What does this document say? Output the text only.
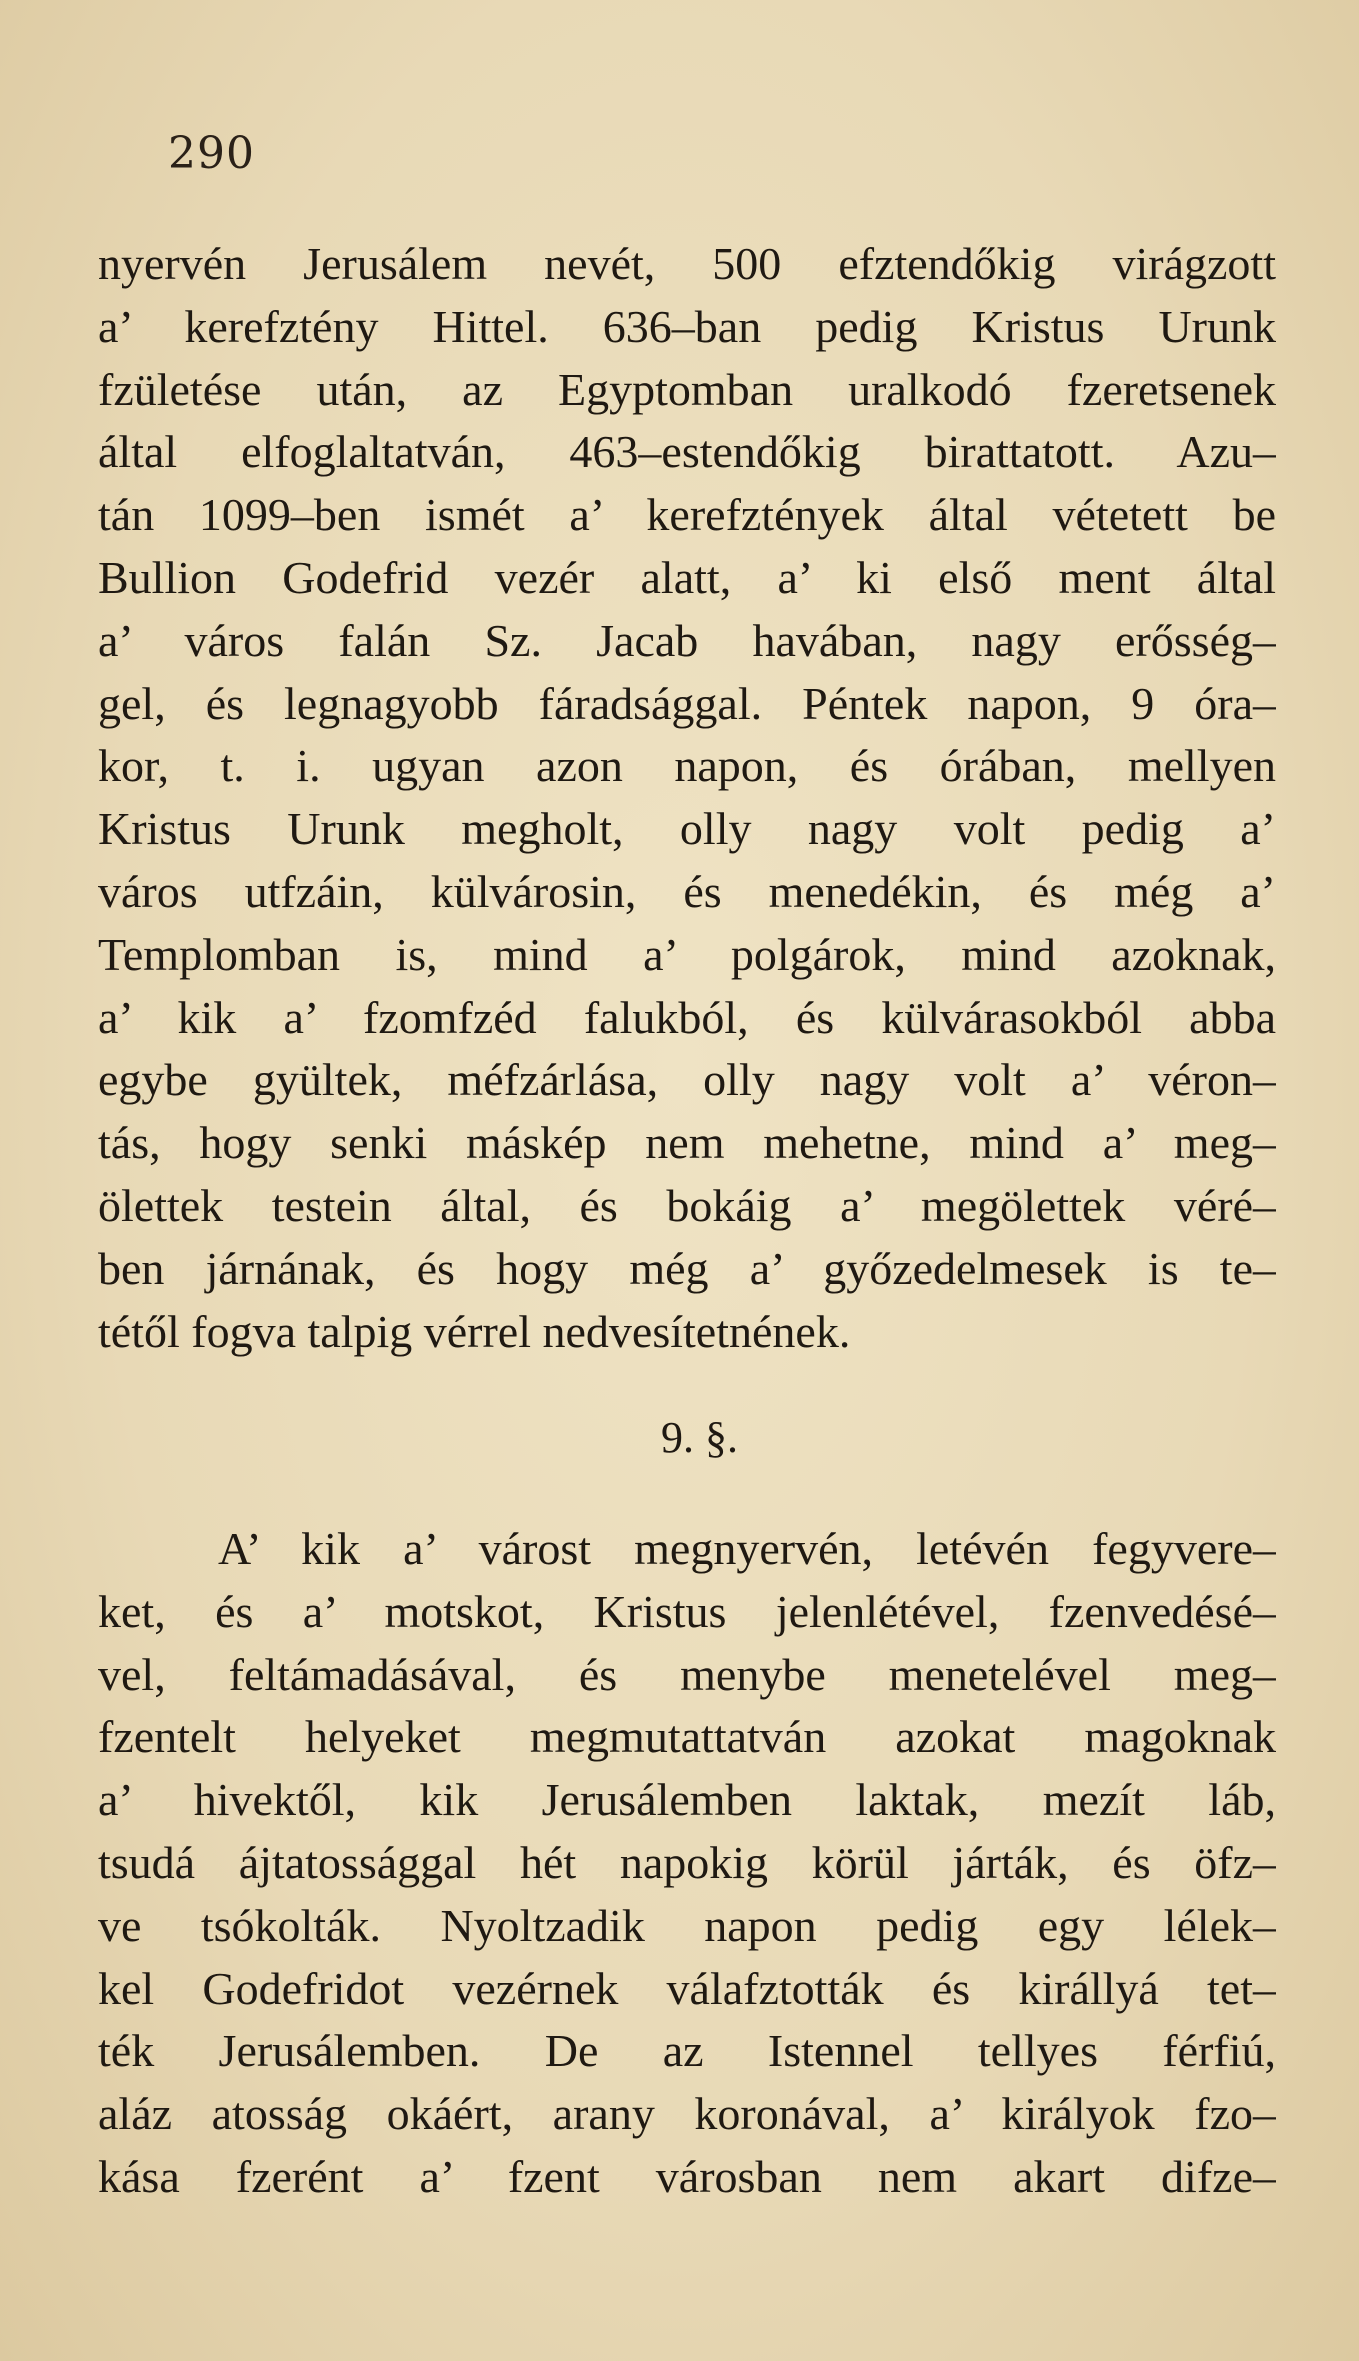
290
nyervén Jerusálem nevét, 500 efztendőkig virágzott
a’ kerefztény Hittel. 636–ban pedig Kristus Urunk
fzületése után, az Egyptomban uralkodó fzeretsenek
által elfoglaltatván, 463–estendőkig birattatott. Azu–
tán 1099–ben ismét a’ kerefztények által vétetett be
Bullion Godefrid vezér alatt, a’ ki első ment által
a’ város falán Sz. Jacab havában, nagy erősség–
gel, és legnagyobb fáradsággal. Péntek napon, 9 óra–
kor, t. i. ugyan azon napon, és órában, mellyen
Kristus Urunk megholt, olly nagy volt pedig a’
város utfzáin, külvárosin, és menedékin, és még a’
Templomban is, mind a’ polgárok, mind azoknak,
a’ kik a’ fzomfzéd falukból, és külvárasokból abba
egybe gyültek, méfzárlása, olly nagy volt a’ véron–
tás, hogy senki máskép nem mehetne, mind a’ meg–
ölettek testein által, és bokáig a’ megölettek véré–
ben járnának, és hogy még a’ győzedelmesek is te–
tétől fogva talpig vérrel nedvesítetnének.
9. §.
A’ kik a’ várost megnyervén, letévén fegyvere–
ket, és a’ motskot, Kristus jelenlétével, fzenvedésé–
vel, feltámadásával, és menybe menetelével meg–
fzentelt helyeket megmutattatván azokat magoknak
a’ hivektől, kik Jerusálemben laktak, mezít láb,
tsudá ájtatossággal hét napokig körül járták, és öfz–
ve tsókolták. Nyoltzadik napon pedig egy lélek–
kel Godefridot vezérnek válafztották és királlyá tet–
ték Jerusálemben. De az Istennel tellyes férfiú,
aláz atosság okáért, arany koronával, a’ királyok fzo–
kása fzerént a’ fzent városban nem akart difze–
